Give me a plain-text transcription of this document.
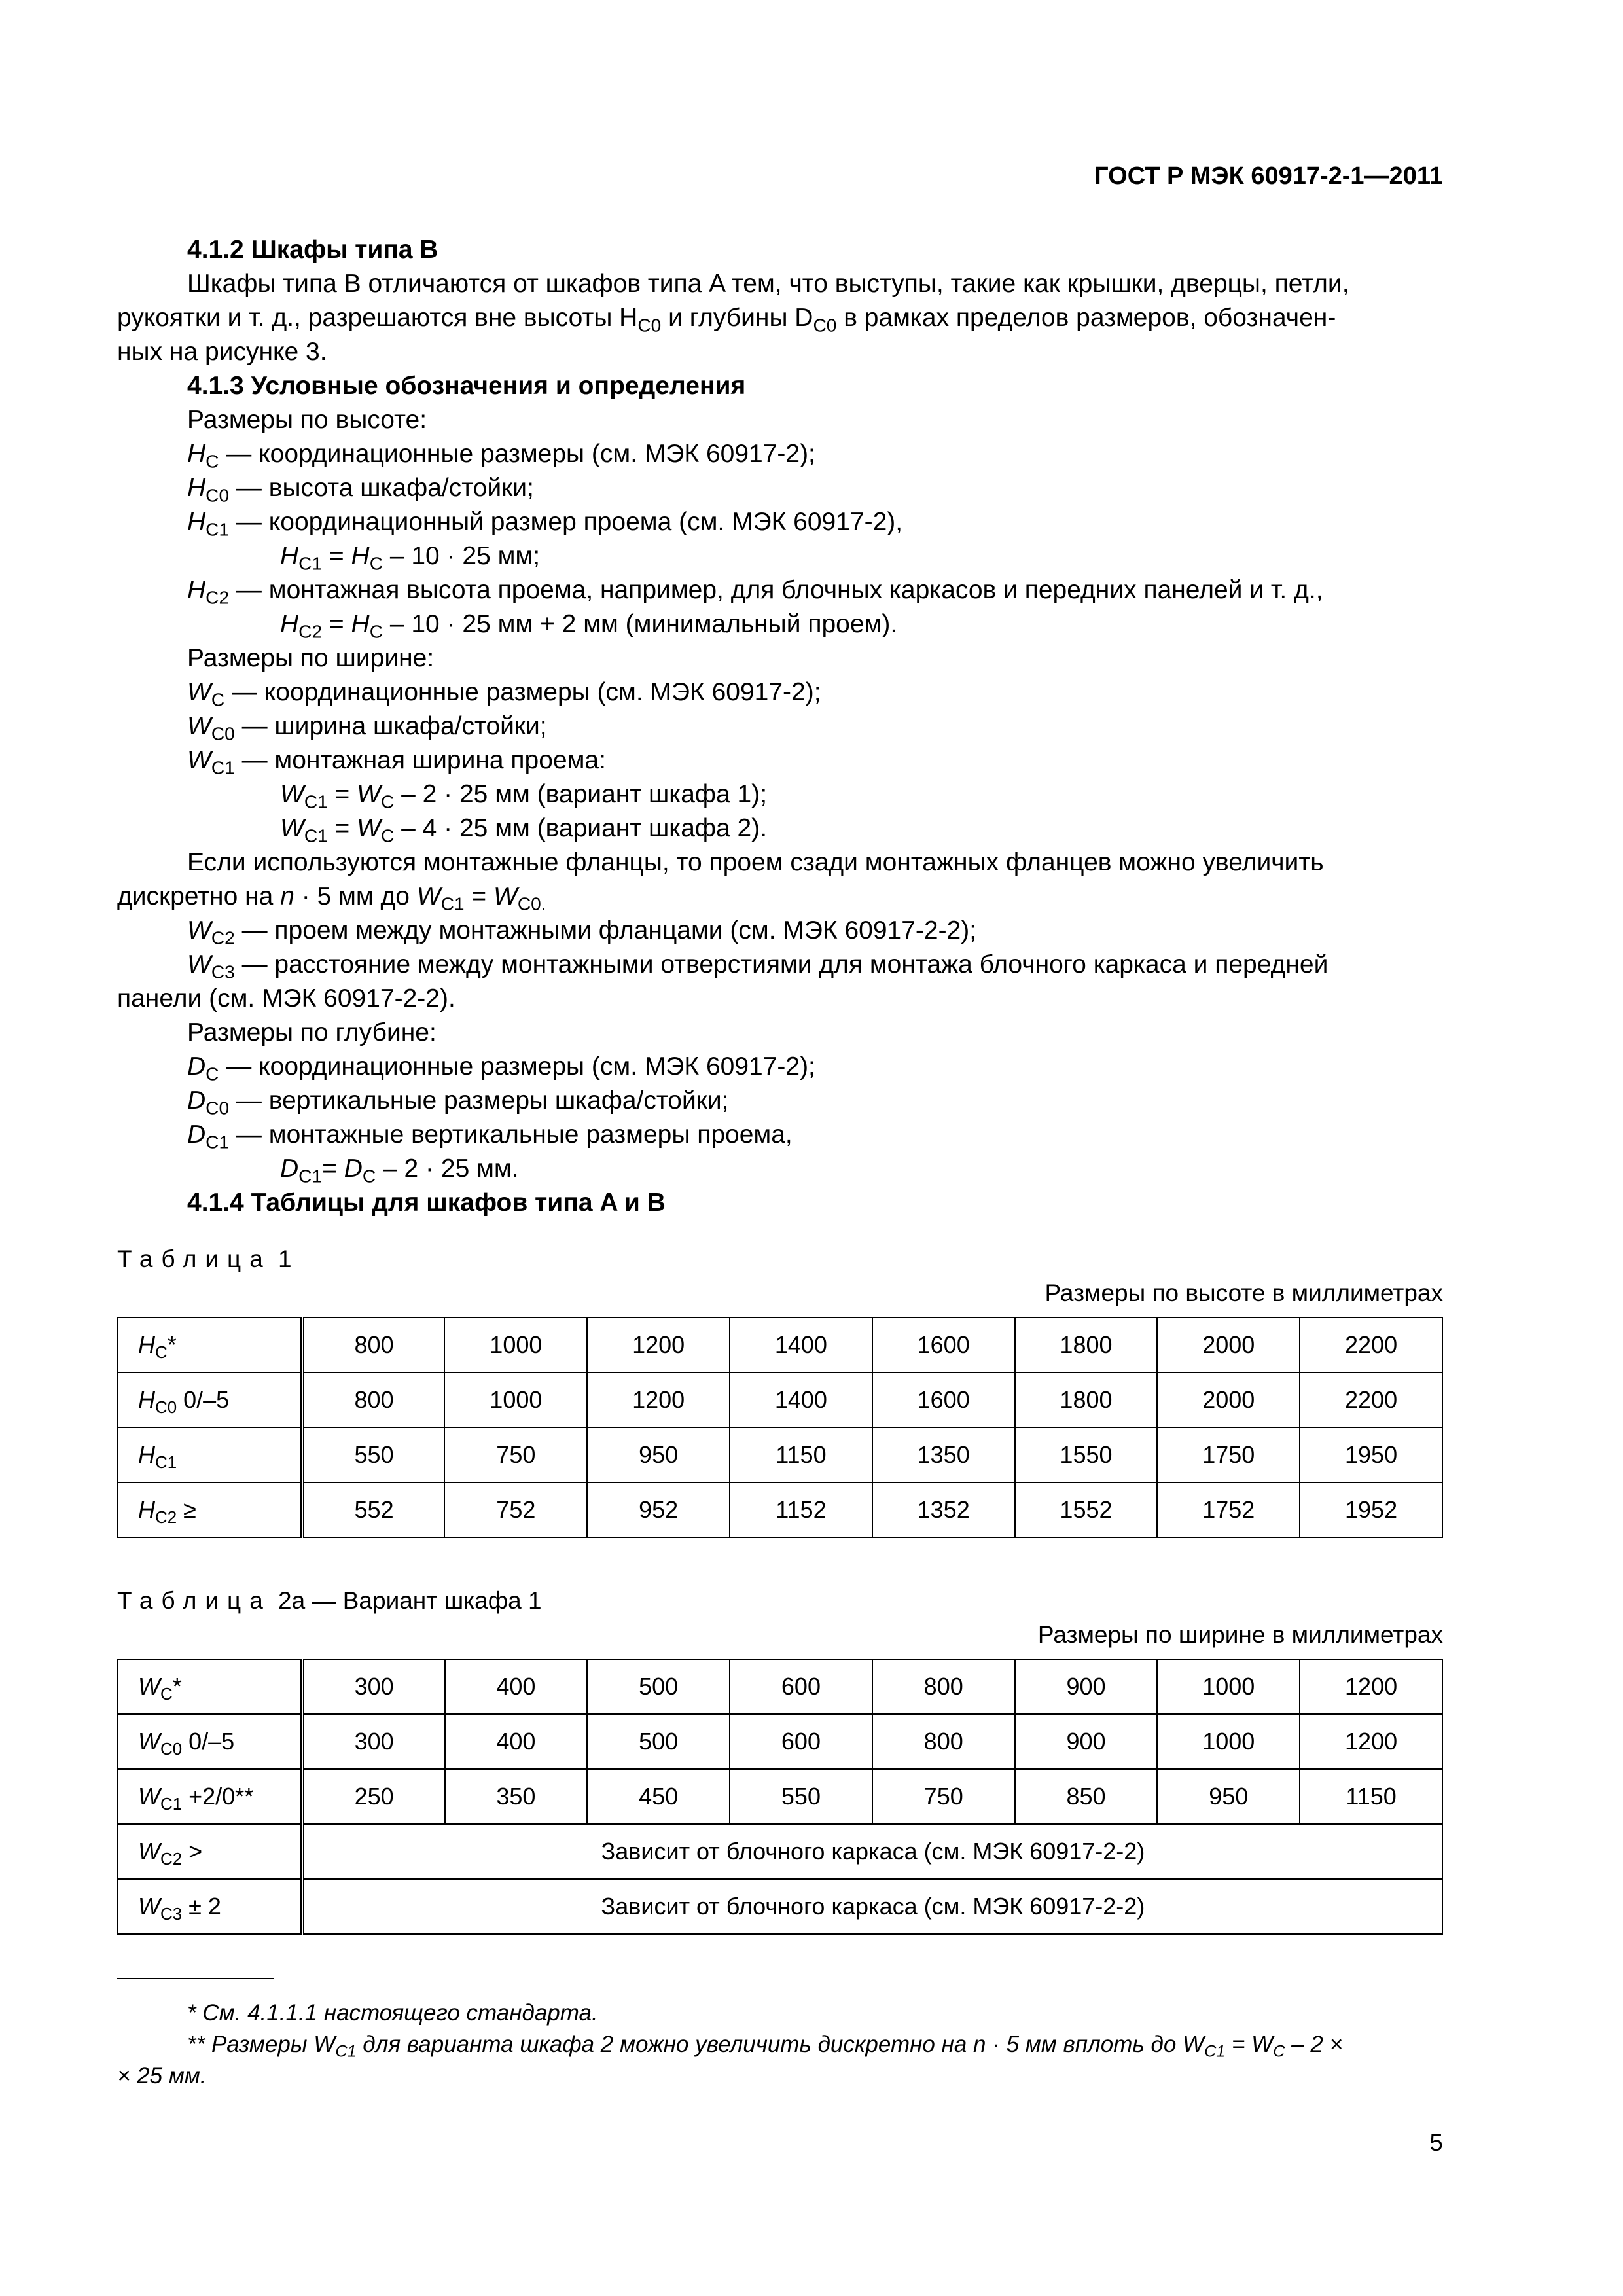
ГОСТ Р МЭК 60917-2-1—2011
4.1.2 Шкафы типа B
Шкафы типа B отличаются от шкафов типа A тем, что выступы, такие как крышки, дверцы, петли,
рукоятки и т. д., разрешаются вне высоты $H_{C0}$ и глубины $D_{C0}$ в рамках пределов размеров, обозначен-
ных на рисунке 3.
4.1.3 Условные обозначения и определения
Размеры по высоте:
$H_C$ — координационные размеры (см. МЭК 60917-2);
$H_{C0}$ — высота шкафа/стойки;
$H_{C1}$ — координационный размер проема (см. МЭК 60917-2),
$H_{C1} = H_C - 10 \cdot 25$ мм;
$H_{C2}$ — монтажная высота проема, например, для блочных каркасов и передних панелей и т. д.,
$H_{C2} = H_C - 10 \cdot 25$ мм + 2 мм (минимальный проем).
Размеры по ширине:
$W_C$ — координационные размеры (см. МЭК 60917-2);
$W_{C0}$ — ширина шкафа/стойки;
$W_{C1}$ — монтажная ширина проема:
$W_{C1} = W_C - 2 \cdot 25$ мм (вариант шкафа 1);
$W_{C1} = W_C - 4 \cdot 25$ мм (вариант шкафа 2).
Если используются монтажные фланцы, то проем сзади монтажных фланцев можно увеличить
дискретно на n · 5 мм до $W_{C1} = W_{C0.}$
$W_{C2}$ — проем между монтажными фланцами (см. МЭК 60917-2-2);
$W_{C3}$ — расстояние между монтажными отверстиями для монтажа блочного каркаса и передней
панели (см. МЭК 60917-2-2).
Размеры по глубине:
$D_C$ — координационные размеры (см. МЭК 60917-2);
$D_{C0}$ — вертикальные размеры шкафа/стойки;
$D_{C1}$ — монтажные вертикальные размеры проема,
$D_{C1}= D_C - 2 \cdot 25$ мм.
4.1.4 Таблицы для шкафов типа A и B
Таблица 1
Размеры по высоте в миллиметрах
$H_C*$	800	1000	1200	1400	1600	1800	2000	2200
$H_{C0}$ 0/–5	800	1000	1200	1400	1600	1800	2000	2200
$H_{C1}$	550	750	950	1150	1350	1550	1750	1950
$H_{C2}$ ≥	552	752	952	1152	1352	1552	1752	1952
Таблица 2а — Вариант шкафа 1
Размеры по ширине в миллиметрах
$W_C*$	300	400	500	600	800	900	1000	1200
$W_{C0}$ 0/–5	300	400	500	600	800	900	1000	1200
$W_{C1} +2/0**$	250	350	450	550	750	850	950	1150
$W_{C2}$ >	Зависит от блочного каркаса (см. МЭК 60917-2-2)							
$W_{C3} \pm 2$	Зависит от блочного каркаса (см. МЭК 60917-2-2)							
* См. 4.1.1.1 настоящего стандарта.
** Размеры $W_{C1}$ для варианта шкафа 2 можно увеличить дискретно на n · 5 мм вплоть до $W_{C1} = W_C - 2$ ×
× 25 мм.
5
